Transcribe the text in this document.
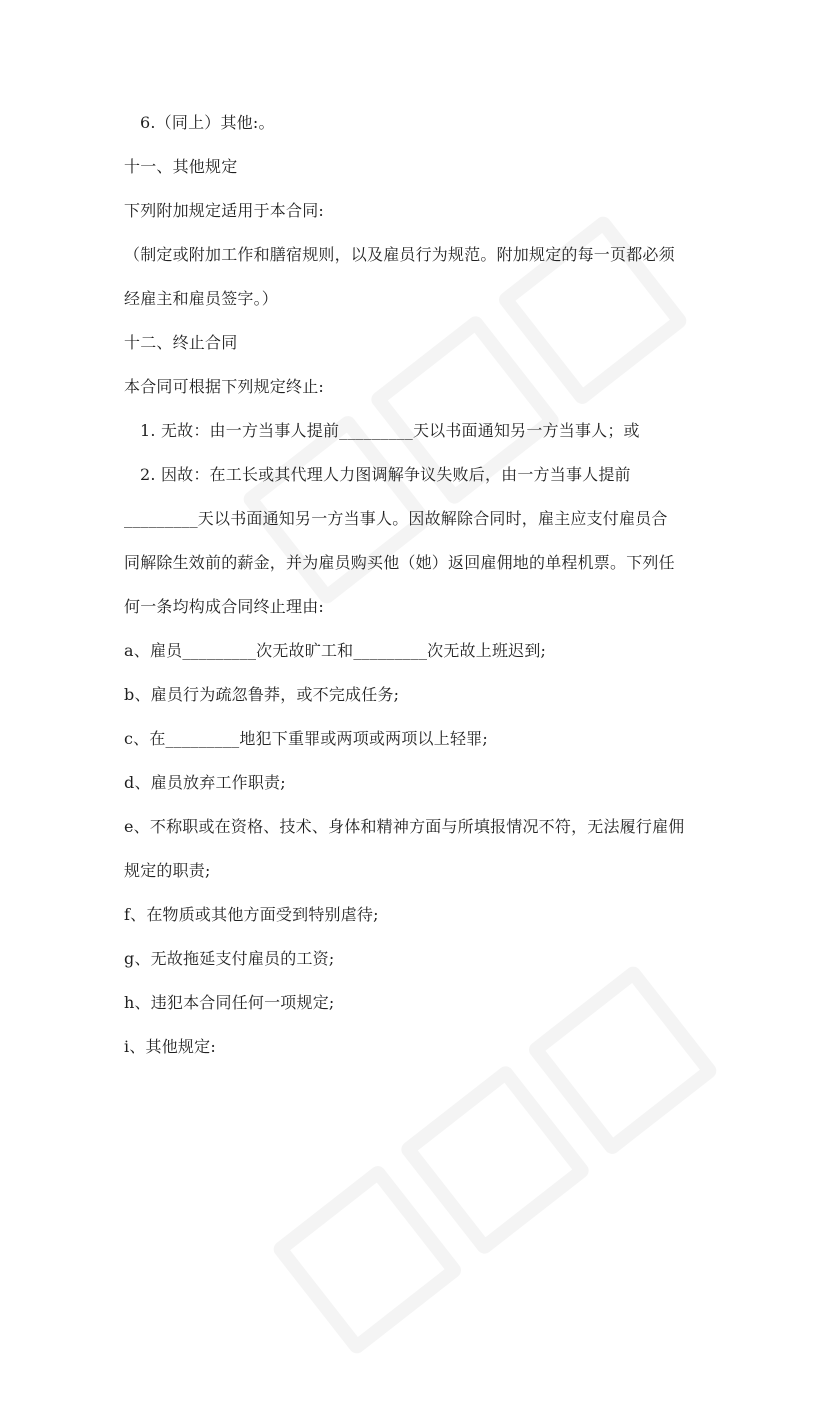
6.（同上）其他:。
十一、其他规定
下列附加规定适用于本合同:
（制定或附加工作和膳宿规则，以及雇员行为规范。附加规定的每一页都必须
经雇主和雇员签字。）
十二、终止合同
本合同可根据下列规定终止:
1. 无故：由一方当事人提前_________天以书面通知另一方当事人；或
2. 因故：在工长或其代理人力图调解争议失败后，由一方当事人提前
_________天以书面通知另一方当事人。因故解除合同时，雇主应支付雇员合
同解除生效前的薪金，并为雇员购买他（她）返回雇佣地的单程机票。下列任
何一条均构成合同终止理由:
a、雇员_________次无故旷工和_________次无故上班迟到;
b、雇员行为疏忽鲁莽，或不完成任务;
c、在_________地犯下重罪或两项或两项以上轻罪;
d、雇员放弃工作职责;
e、不称职或在资格、技术、身体和精神方面与所填报情况不符，无法履行雇佣
规定的职责;
f、在物质或其他方面受到特别虐待;
g、无故拖延支付雇员的工资;
h、违犯本合同任何一项规定;
i、其他规定:
